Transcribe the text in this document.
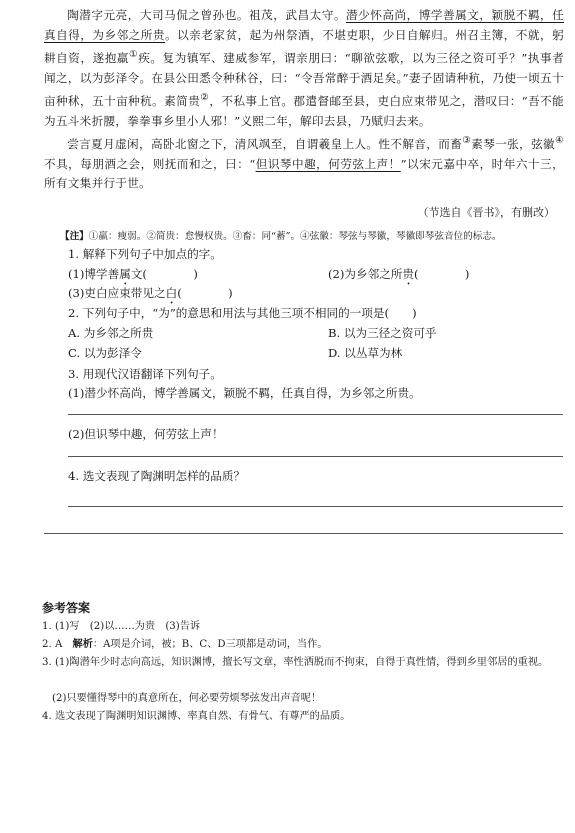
陶潜字元亮，大司马侃之曾孙也。祖茂，武昌太守。潜少怀高尚，博学善属文，颖脱不羁，任真自得，为乡邻之所贵。以亲老家贫，起为州祭酒，不堪吏职，少日自解归。州召主簿，不就，躬耕自资，遂抱羸①疾。复为镇军、建威参军，谓亲朋曰：“聊欲弦歌，以为三径之资可乎？”执事者闻之，以为彭泽令。在县公田悉令种秫谷，曰：“令吾常醉于酒足矣。”妻子固请种秔，乃使一顷五十亩种秫，五十亩种秔。素简贵②，不私事上官。郡遣督邮至县，吏白应束带见之，潜叹曰：“吾不能为五斗米折腰，拳拳事乡里小人邪！”义熙二年，解印去县，乃赋归去来。

尝言夏月虚闲，高卧北窗之下，清风飒至，自谓羲皇上人。性不解音，而畜③素琴一张，弦徽④不具，每朋酒之会，则抚而和之，曰：“但识琴中趣，何劳弦上声！”以宋元嘉中卒，时年六十三，所有文集并行于世。

（节选自《晋书》，有删改）
【注】①羸：瘦弱。②简贵：怠慢权贵。③畜：同“蓄”。④弦徽：琴弦与琴徽，琴徽即琴弦音位的标志。
1. 解释下列句子中加点的字。
(1)博学善属文(　　　　)	(2)为乡邻之所贵(　　　　)
(3)吏白应束带见之白(　　　　)
2. 下列句子中，“为”的意思和用法与其他三项不相同的一项是(　　)
A. 为乡邻之所贵	B. 以为三径之资可乎
C. 以为彭泽令	D. 以丛草为林
3. 用现代汉语翻译下列句子。
(1)潜少怀高尚，博学善属文，颖脱不羁，任真自得，为乡邻之所贵。
(2)但识琴中趣，何劳弦上声！
4. 选文表现了陶渊明怎样的品质？
参考答案
1. (1)写　(2)以……为贵　(3)告诉
2. A　解析：A项是介词，被；B、C、D三项都是动词，当作。
3. (1)陶潜年少时志向高远，知识渊博，擅长写文章，率性洒脱而不拘束，自得于真性情，得到乡里邻居的重视。
(2)只要懂得琴中的真意所在，何必要劳烦琴弦发出声音呢！
4. 选文表现了陶渊明知识渊博、率真自然、有骨气、有尊严的品质。
